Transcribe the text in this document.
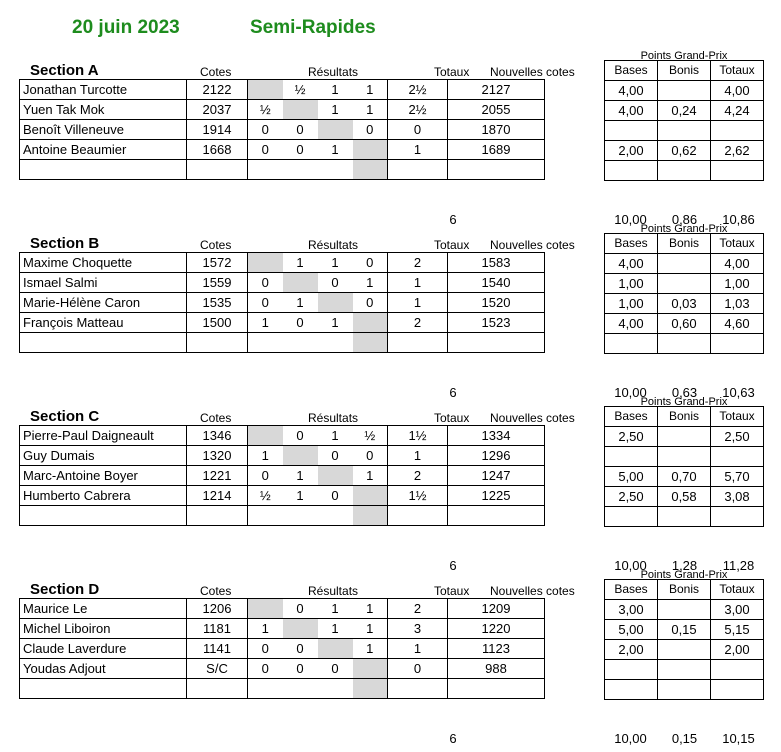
20 juin 2023	Semi-Rapides
Section A	Cotes	Résultats	Totaux Nouvelles cotes
Points Grand-Prix
Jonathan Turcotte	2122		½	1	1	2½	2127
Yuen Tak Mok	2037	½		1	1	2½	2055
Benoît Villeneuve	1914	0	0		0	0	1870
Antoine Beaumier	1668	0	0	1		1	1689

Bases	Bonis	Totaux
4,00		4,00
4,00	0,24	4,24

2,00	0,62	2,62

6	10,00	0,86	10,86
Section B	Cotes	Résultats	Totaux Nouvelles cotes
Points Grand-Prix
Maxime Choquette	1572		1	1	0	2	1583
Ismael Salmi	1559	0		0	1	1	1540
Marie-Hélène Caron	1535	0	1		0	1	1520
François Matteau	1500	1	0	1		2	1523

Bases	Bonis	Totaux
4,00		4,00
1,00		1,00
1,00	0,03	1,03
4,00	0,60	4,60

6	10,00	0,63	10,63
Section C	Cotes	Résultats	Totaux Nouvelles cotes
Points Grand-Prix
Pierre-Paul Daigneault	1346		0	1	½	1½	1334
Guy Dumais	1320	1		0	0	1	1296
Marc-Antoine Boyer	1221	0	1		1	2	1247
Humberto Cabrera	1214	½	1	0		1½	1225

Bases	Bonis	Totaux
2,50		2,50

5,00	0,70	5,70
2,50	0,58	3,08

6	10,00	1,28	11,28
Section D	Cotes	Résultats	Totaux Nouvelles cotes
Points Grand-Prix
Maurice Le	1206		0	1	1	2	1209
Michel Liboiron	1181	1		1	1	3	1220
Claude Laverdure	1141	0	0		1	1	1123
Youdas Adjout	S/C	0	0	0		0	988

Bases	Bonis	Totaux
3,00		3,00
5,00	0,15	5,15
2,00		2,00

6	10,00	0,15	10,15
